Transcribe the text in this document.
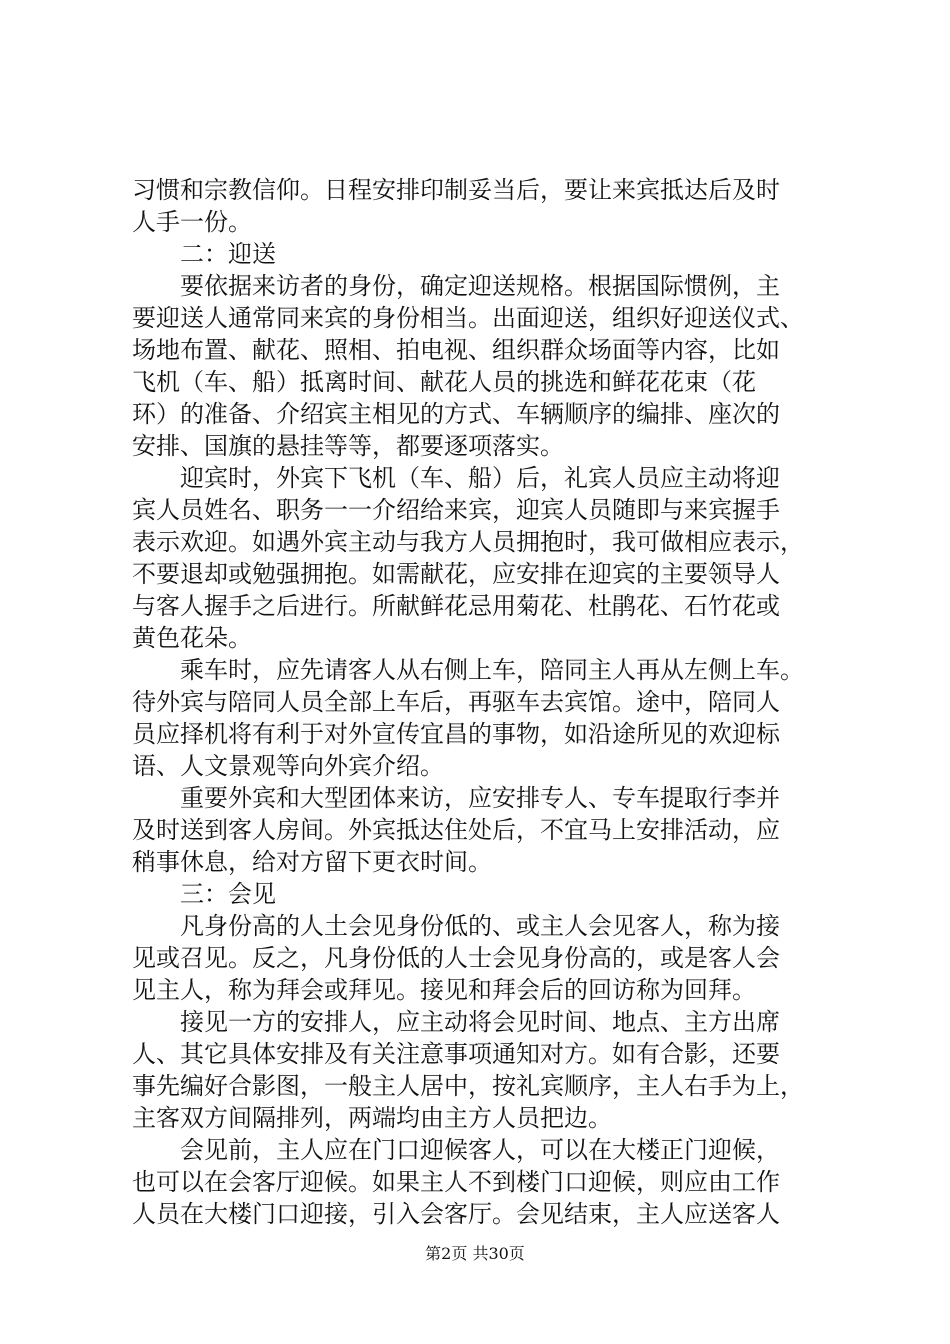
习惯和宗教信仰。日程安排印制妥当后，要让来宾抵达后及时
人手一份。
　　二：迎送
　　要依据来访者的身份，确定迎送规格。根据国际惯例，主
要迎送人通常同来宾的身份相当。出面迎送，组织好迎送仪式、
场地布置、献花、照相、拍电视、组织群众场面等内容，比如
飞机（车、船）抵离时间、献花人员的挑选和鲜花花束（花
环）的准备、介绍宾主相见的方式、车辆顺序的编排、座次的
安排、国旗的悬挂等等，都要逐项落实。
　　迎宾时，外宾下飞机（车、船）后，礼宾人员应主动将迎
宾人员姓名、职务一一介绍给来宾，迎宾人员随即与来宾握手
表示欢迎。如遇外宾主动与我方人员拥抱时，我可做相应表示，
不要退却或勉强拥抱。如需献花，应安排在迎宾的主要领导人
与客人握手之后进行。所献鲜花忌用菊花、杜鹃花、石竹花或
黄色花朵。
　　乘车时，应先请客人从右侧上车，陪同主人再从左侧上车。
待外宾与陪同人员全部上车后，再驱车去宾馆。途中，陪同人
员应择机将有利于对外宣传宜昌的事物，如沿途所见的欢迎标
语、人文景观等向外宾介绍。
　　重要外宾和大型团体来访，应安排专人、专车提取行李并
及时送到客人房间。外宾抵达住处后，不宜马上安排活动，应
稍事休息，给对方留下更衣时间。
　　三：会见
　　凡身份高的人土会见身份低的、或主人会见客人，称为接
见或召见。反之，凡身份低的人士会见身份高的，或是客人会
见主人，称为拜会或拜见。接见和拜会后的回访称为回拜。
　　接见一方的安排人，应主动将会见时间、地点、主方出席
人、其它具体安排及有关注意事项通知对方。如有合影，还要
事先编好合影图，一般主人居中，按礼宾顺序，主人右手为上，
主客双方间隔排列，两端均由主方人员把边。
　　会见前，主人应在门口迎候客人，可以在大楼正门迎候，
也可以在会客厅迎候。如果主人不到楼门口迎候，则应由工作
人员在大楼门口迎接，引入会客厅。会见结束，主人应送客人
第2页 共30页
